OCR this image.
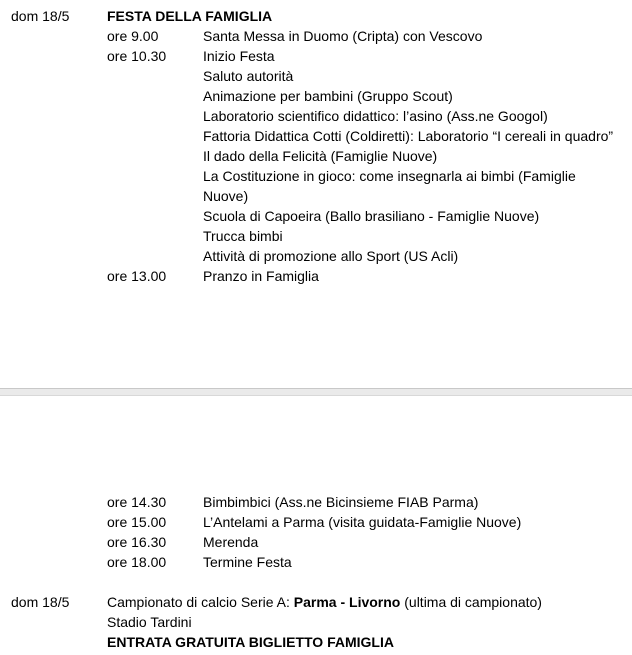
dom 18/5	FESTA DELLA FAMIGLIA
ore 9.00	Santa Messa in Duomo (Cripta) con Vescovo
ore 10.30	Inizio Festa
Saluto autorità
Animazione per bambini (Gruppo Scout)
Laboratorio scientifico didattico: l’asino (Ass.ne Googol)
Fattoria Didattica Cotti (Coldiretti): Laboratorio “I cereali in quadro”
Il dado della Felicità (Famiglie Nuove)
La Costituzione in gioco: come insegnarla ai bimbi (Famiglie
Nuove)
Scuola di Capoeira (Ballo brasiliano - Famiglie Nuove)
Trucca bimbi
Attività di promozione allo Sport (US Acli)
ore 13.00	Pranzo in Famiglia
ore 14.30	Bimbimbici (Ass.ne Bicinsieme FIAB Parma)
ore 15.00	L’Antelami a Parma (visita guidata-Famiglie Nuove)
ore 16.30	Merenda
ore 18.00	Termine Festa
dom 18/5	Campionato di calcio Serie A: Parma - Livorno (ultima di campionato)
Stadio Tardini
ENTRATA GRATUITA BIGLIETTO FAMIGLIA
